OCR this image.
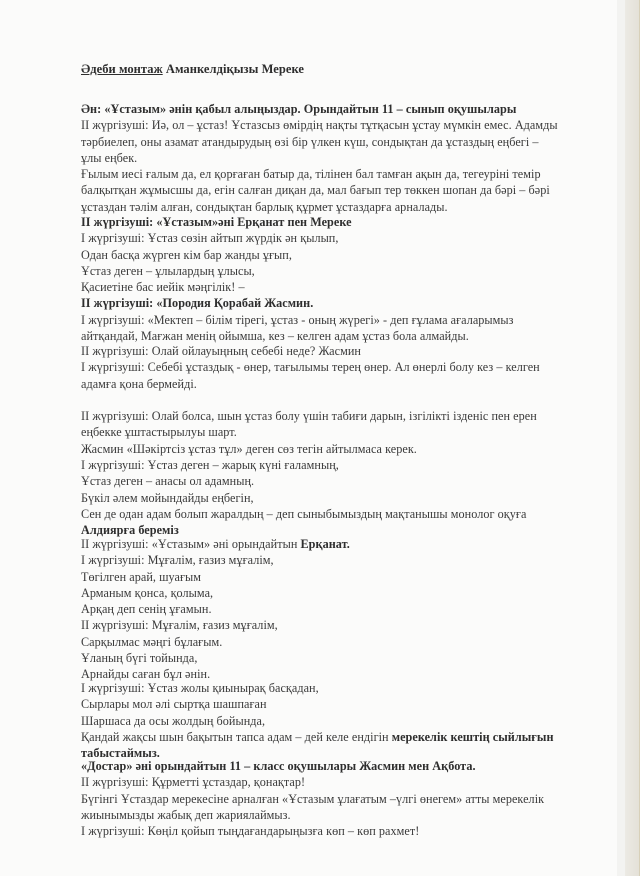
Әдеби монтаж Аманкелдіқызы Мереке
Ән: «Ұстазым» әнін қабыл алыңыздар. Орындайтын 11 – сынып оқушылары
ІІ жүргізуші: Иә, ол – ұстаз! Ұстазсыз өмірдің нақты тұтқасын ұстау мүмкін емес. Адамды
тәрбиелеп, оны азамат атандырудың өзі бір үлкен күш, сондықтан да ұстаздың еңбегі –
ұлы еңбек.
Ғылым иесі ғалым да, ел қорғаған батыр да, тілінен бал тамған ақын да, тегеуріні темір
балқытқан жұмысшы да, егін салған диқан да, мал бағып тер төккен шопан да бәрі – бәрі
ұстаздан тәлім алған, сондықтан барлық құрмет ұстаздарға арналады.
ІІ жүргізуші: «Ұстазым»әні Ерқанат пен Мереке
І жүргізуші: Ұстаз сөзін айтып жүрдік ән қылып,
Одан басқа жүрген кім бар жанды ұғып,
Ұстаз деген – ұлылардың ұлысы,
Қасиетіне бас иейік мәңгілік! –
ІІ жүргізуші: «Породия Қорабай Жасмин.
І жүргізуші: «Мектеп – білім тірегі, ұстаз - оның жүрегі» - деп ғұлама ағаларымыз
айтқандай, Мағжан менің ойымша, кез – келген адам ұстаз бола алмайды.
ІІ жүргізуші: Олай ойлауыңның себебі неде? Жасмин
І жүргізуші: Себебі ұстаздық - өнер, тағылымы терең өнер. Ал өнерлі болу кез – келген
адамға қона бермейді.
ІІ жүргізуші: Олай болса, шын ұстаз болу үшін табиғи дарын, ізгілікті ізденіс пен ерен
еңбекке ұштастырылуы шарт.
Жасмин «Шәкіртсіз ұстаз тұл» деген сөз тегін айтылмаса керек.
І жүргізуші: Ұстаз деген – жарық күні ғаламның,
Ұстаз деген – анасы ол адамның.
Бүкіл әлем мойындайды еңбегін,
Сен де одан адам болып жаралдың – деп сыныбымыздың мақтанышы монолог оқуға
Алдиярға береміз
ІІ жүргізуші: «Ұстазым» әні орындайтын Ерқанат.
І жүргізуші: Мұғалім, ғазиз мұғалім,
Төгілген арай, шуағым
Арманым қонса, қолыма,
Арқаң деп сенің ұғамын.
ІІ жүргізуші: Мұғалім, ғазиз мұғалім,
Сарқылмас мәңгі бұлағым.
Ұланың бүгі тойында,
Арнайды саған бұл әнін.
І жүргізуші: Ұстаз жолы қиынырақ басқадан,
Сырлары мол әлі сыртқа шашпаған
Шаршаса да осы жолдың бойында,
Қандай жақсы шын бақытын тапса адам – дей келе ендігін мерекелік кештің сыйлығын
табыстаймыз.
«Достар» әні орындайтын 11 – класс оқушылары Жасмин мен Ақбота.
ІІ жүргізуші: Құрметті ұстаздар, қонақтар!
Бүгінгі Ұстаздар мерекесіне арналған «Ұстазым ұлағатым –үлгі өнегем» атты мерекелік
жиынымызды жабық деп жариялаймыз.
І жүргізуші: Көңіл қойып тыңдағандарыңызға көп – көп рахмет!
